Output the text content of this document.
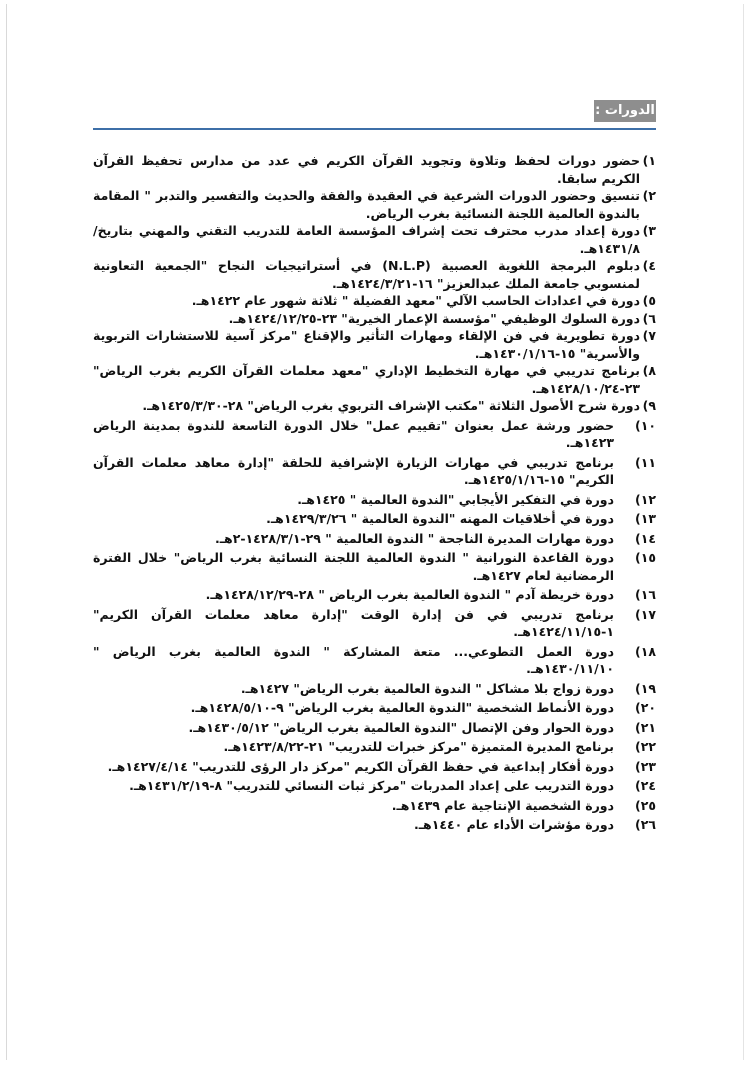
الدورات :
١)
حضور دورات لحفظ وتلاوة وتجويد القرآن الكريم في عدد من مدارس تحفيظ القرآن الكريم سابقا.
٢)
تنسيق وحضور الدورات الشرعية في العقيدة والفقة والحديث والتفسير والتدبر " المقامة بالندوة العالمية اللجنة النسائية بغرب الرياض.
٣)
دورة إعداد مدرب محترف تحت إشراف المؤسسة العامة للتدريب التقني والمهني بتاريخ/١٤٣١/٨هـ.
٤)
دبلوم البرمجة اللغوية العصبية (N.L.P) في أستراتيجيات النجاح "الجمعية التعاونية لمنسوبي جامعة الملك عبدالعزيز" ١٦-١٤٢٤/٣/٢١هـ.
٥)
دورة في اعدادات الحاسب الآلي "معهد الفضيلة " ثلاثة شهور عام ١٤٢٢هـ.
٦)
دورة السلوك الوظيفي "مؤسسة الإعمار الخيرية" ٢٣-١٤٢٤/١٢/٢٥هـ.
٧)
دورة تطويرية في فن الإلقاء ومهارات التأثير والإقناع "مركز آسية للاستشارات التربوية والأسرية" ١٥-١٤٣٠/١/١٦هـ.
٨)
برنامج تدريبي في مهارة التخطيط الإداري "معهد معلمات القرآن الكريم بغرب الرياض" ٢٣-١٤٢٨/١٠/٢٤هـ.
٩)
دورة شرح الأصول الثلاثة "مكتب الإشراف التربوي بغرب الرياض" ٢٨-١٤٢٥/٣/٣٠هـ.
١٠)
حضور ورشة عمل بعنوان "تقييم عمل" خلال الدورة التاسعة للندوة بمدينة الرياض ١٤٢٣هـ.
١١)
برنامج تدريبي في مهارات الزيارة الإشرافية للحلقة "إدارة معاهد معلمات القرآن الكريم" ١٥-١٤٢٥/١/١٦هـ.
١٢)
دورة في التفكير الأيجابي "الندوة العالمية " ١٤٢٥هـ.
١٣)
دورة في أخلاقيات المهنه "الندوة العالمية " ١٤٢٩/٣/٢٦هـ.
١٤)
دورة مهارات المديرة الناجحة " الندوة العالمية " ٢٩-١٤٢٨/٣/١-٢هـ.
١٥)
دورة القاعدة النورانية " الندوة العالمية اللجنة النسائية بغرب الرياض" خلال الفترة الرمضانية لعام ١٤٢٧هـ.
١٦)
دورة خريطة آدم " الندوة العالمية بغرب الرياض " ٢٨-١٤٢٨/١٢/٢٩هـ.
١٧)
برنامج تدريبي في فن إدارة الوقت "إدارة معاهد معلمات القرآن الكريم" ١-١٤٢٤/١١/١٥هـ.
١٨)
دورة العمل التطوعي... متعة المشاركة " الندوة العالمية بغرب الرياض " ١٤٣٠/١١/١٠هـ.
١٩)
دورة زواج بلا مشاكل " الندوة العالمية بغرب الرياض" ١٤٢٧هـ.
٢٠)
دورة الأنماط الشخصية "الندوة العالمية بغرب الرياض" ٩-١٤٢٨/٥/١٠هـ.
٢١)
دورة الحوار وفن الإتصال "الندوة العالمية بغرب الرياض" ١٤٣٠/٥/١٢هـ.
٢٢)
برنامج المديرة المتميزة "مركز خبرات للتدريب" ٢١-١٤٢٣/٨/٢٢هـ.
٢٣)
دورة أفكار إبداعية في حفظ القرآن الكريم "مركز دار الرؤى للتدريب" ١٤٢٧/٤/١٤هـ.
٢٤)
دورة التدريب على إعداد المدربات "مركز ثبات النسائي للتدريب" ٨-١٤٣١/٢/١٩هـ.
٢٥)
دورة الشخصية الإنتاجية عام ١٤٣٩هـ.
٢٦)
دورة مؤشرات الأداء عام ١٤٤٠هـ.
